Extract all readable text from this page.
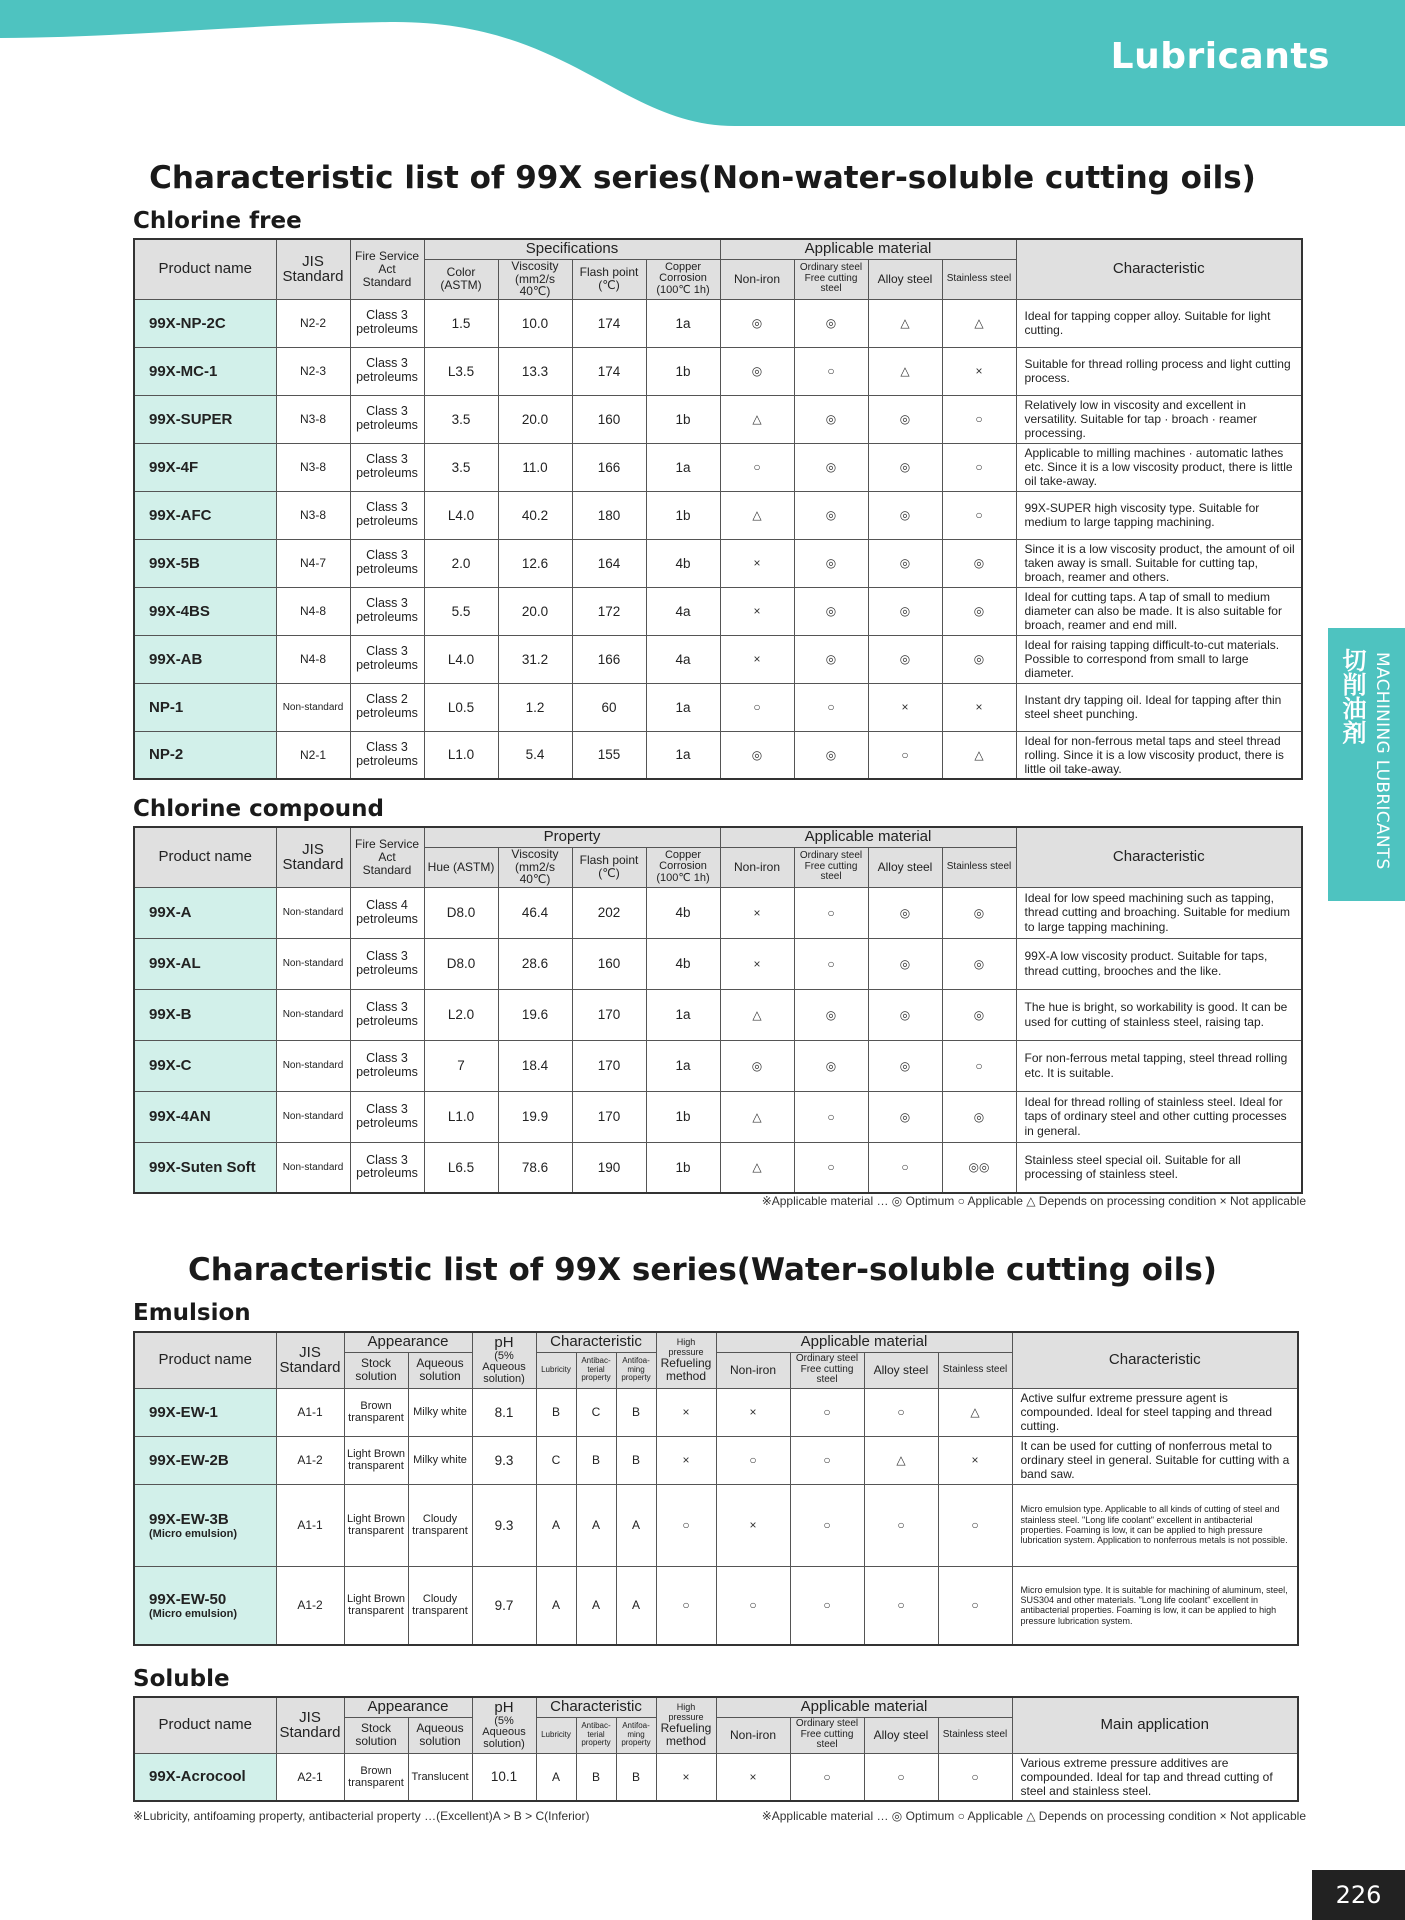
Lubricants
切削油剤 MACHINING LUBRICANTS
Characteristic list of 99X series(Non-water-soluble cutting oils)
Chlorine free
Product name	JIS Standard	Fire Service Act Standard	Specifications				Applicable material				Characteristic
			Color (ASTM)	Viscosity (mm2/s 40℃)	Flash point (℃)	Copper Corrosion (100℃ 1h)	Non-iron	Ordinary steel Free cutting steel	Alloy steel	Stainless steel	
99X-NP-2C	N2-2	Class 3 petroleums	1.5	10.0	174	1a	◎	◎	△	△	Ideal for tapping copper alloy. Suitable for light cutting.
99X-MC-1	N2-3	Class 3 petroleums	L3.5	13.3	174	1b	◎	○	△	×	Suitable for thread rolling process and light cutting process.
99X-SUPER	N3-8	Class 3 petroleums	3.5	20.0	160	1b	△	◎	◎	○	Relatively low in viscosity and excellent in versatility. Suitable for tap · broach · reamer processing.
99X-4F	N3-8	Class 3 petroleums	3.5	11.0	166	1a	○	◎	◎	○	Applicable to milling machines · automatic lathes etc. Since it is a low viscosity product, there is little oil take-away.
99X-AFC	N3-8	Class 3 petroleums	L4.0	40.2	180	1b	△	◎	◎	○	99X-SUPER high viscosity type. Suitable for medium to large tapping machining.
99X-5B	N4-7	Class 3 petroleums	2.0	12.6	164	4b	×	◎	◎	◎	Since it is a low viscosity product, the amount of oil taken away is small. Suitable for cutting tap, broach, reamer and others.
99X-4BS	N4-8	Class 3 petroleums	5.5	20.0	172	4a	×	◎	◎	◎	Ideal for cutting taps. A tap of small to medium diameter can also be made. It is also suitable for broach, reamer and end mill.
99X-AB	N4-8	Class 3 petroleums	L4.0	31.2	166	4a	×	◎	◎	◎	Ideal for raising tapping difficult-to-cut materials. Possible to correspond from small to large diameter.
NP-1	Non-standard	Class 2 petroleums	L0.5	1.2	60	1a	○	○	×	×	Instant dry tapping oil. Ideal for tapping after thin steel sheet punching.
NP-2	N2-1	Class 3 petroleums	L1.0	5.4	155	1a	◎	◎	○	△	Ideal for non-ferrous metal taps and steel thread rolling. Since it is a low viscosity product, there is little oil take-away.
Chlorine compound
Product name	JIS Standard	Fire Service Act Standard	Property				Applicable material				Characteristic
			Hue (ASTM)	Viscosity (mm2/s 40℃)	Flash point (℃)	Copper Corrosion (100℃ 1h)	Non-iron	Ordinary steel Free cutting steel	Alloy steel	Stainless steel	
99X-A	Non-standard	Class 4 petroleums	D8.0	46.4	202	4b	×	○	◎	◎	Ideal for low speed machining such as tapping, thread cutting and broaching. Suitable for medium to large tapping machining.
99X-AL	Non-standard	Class 3 petroleums	D8.0	28.6	160	4b	×	○	◎	◎	99X-A low viscosity product. Suitable for taps, thread cutting, brooches and the like.
99X-B	Non-standard	Class 3 petroleums	L2.0	19.6	170	1a	△	◎	◎	◎	The hue is bright, so workability is good. It can be used for cutting of stainless steel, raising tap.
99X-C	Non-standard	Class 3 petroleums	7	18.4	170	1a	◎	◎	◎	○	For non-ferrous metal tapping, steel thread rolling etc. It is suitable.
99X-4AN	Non-standard	Class 3 petroleums	L1.0	19.9	170	1b	△	○	◎	◎	Ideal for thread rolling of stainless steel. Ideal for taps of ordinary steel and other cutting processes in general.
99X-Suten Soft	Non-standard	Class 3 petroleums	L6.5	78.6	190	1b	△	○	○	◎◎	Stainless steel special oil. Suitable for all processing of stainless steel.
※Applicable material … ◎ Optimum ○ Applicable △ Depends on processing condition × Not applicable
Characteristic list of 99X series(Water-soluble cutting oils)
Emulsion
Product name	JIS Standard	Appearance		pH
(5% Aqueous solution)	Characteristic			High pressure
Refueling method	Applicable material				Characteristic
		Stock solution	Aqueous solution		Lubricity	Antibac- terial property	Antifoa- ming property		Non-iron	Ordinary steel Free cutting steel	Alloy steel	Stainless steel	
99X-EW-1	A1-1	Brown transparent	Milky white	8.1	B	C	B	×	×	○	○	△	Active sulfur extreme pressure agent is compounded. Ideal for steel tapping and thread cutting.
99X-EW-2B	A1-2	Light Brown transparent	Milky white	9.3	C	B	B	×	○	○	△	×	It can be used for cutting of nonferrous metal to ordinary steel in general. Suitable for cutting with a band saw.
99X-EW-3B
(Micro emulsion)	A1-1	Light Brown transparent	Cloudy transparent	9.3	A	A	A	○	×	○	○	○	Micro emulsion type. Applicable to all kinds of cutting of steel and stainless steel. "Long life coolant" excellent in antibacterial properties. Foaming is low, it can be applied to high pressure lubrication system. Application to nonferrous metals is not possible.
99X-EW-50
(Micro emulsion)	A1-2	Light Brown transparent	Cloudy transparent	9.7	A	A	A	○	○	○	○	○	Micro emulsion type. It is suitable for machining of aluminum, steel, SUS304 and other materials. "Long life coolant" excellent in antibacterial properties. Foaming is low, it can be applied to high pressure lubrication system.
Soluble
Product name	JIS Standard	Appearance		pH
(5% Aqueous solution)	Characteristic			High pressure
Refueling method	Applicable material				Main application
		Stock solution	Aqueous solution		Lubricity	Antibac- terial property	Antifoa- ming property		Non-iron	Ordinary steel Free cutting steel	Alloy steel	Stainless steel	
99X-Acrocool	A2-1	Brown transparent	Translucent	10.1	A	B	B	×	×	○	○	○	Various extreme pressure additives are compounded. Ideal for tap and thread cutting of steel and stainless steel.
※Lubricity, antifoaming property, antibacterial property …(Excellent)A > B > C(Inferior)	※Applicable material … ◎ Optimum ○ Applicable △ Depends on processing condition × Not applicable
226
